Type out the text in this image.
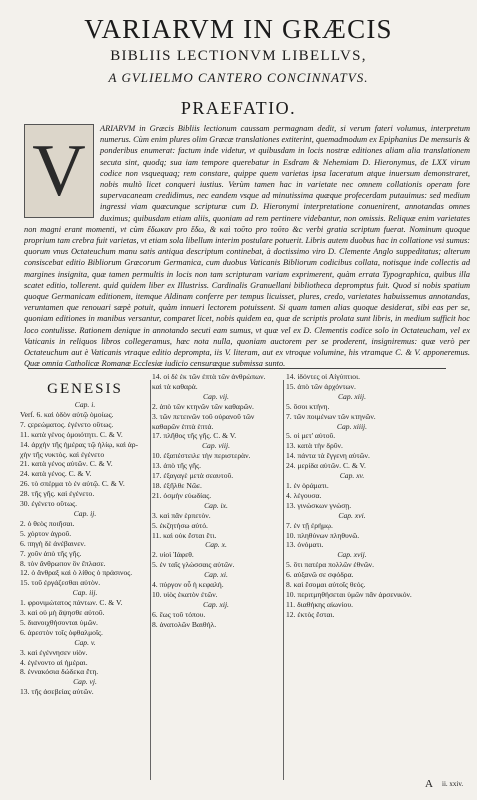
VARIARVM IN GRÆCIS
BIBLIIS LECTIONVM LIBELLVS,
A GVLIELMO CANTERO CONCINNATVS.
PRAEFATIO.
V
ARIARVM in Græcis Bibliis lectionum caussam permagnam dedit, si verum fateri volumus, interpretum numerus. Cùm enim plures olim Græcæ translationes extiterint, quemadmodum ex Epiphanius De mensuris & ponderibus enumerat: factum inde videtur, vt quibusdam in locis nostræ editiones aliam alia translationem secuta sint, quodq; sua iam tempore querebatur in Esdram & Nehemiam D. Hieronymus, de LXX virum codice non vsquequaq; rem constare, quippe quem varietas ipsa laceratum atque inuersum demonstraret, nobis multò licet conqueri iustius. Verùm tamen hac in varietate nec omnem collationis operam fore supervacaneam credidimus, nec eandem vsque ad minutissima quæque profecerdam putauimus: sed medium ingressi viam quæcunque scripturæ cum D. Hieronymi interpretatione conuenirent, annotandas omnes duximus; quibusdam etiam aliis, quoniam ad rem pertinere videbantur, non omissis. Reliquæ enim varietates non magni erant momenti, vt cùm ἔδωκαν pro ἔδω, & καὶ τοῦτο pro τοῦτο &c verbi gratia scriptum fuerat. Nominum quoque proprium tam crebra fuit varietas, vt etiam sola libellum interim postulare potuerit. Libris autem duobus hac in collatione vsi sumus: quorum vnus Octateuchum manu satis antiqua descriptum continebat, à doctissimo viro D. Clemente Anglo suppeditatus; alterum consiscebat editio Bibliorum Græcorum Germanica, cum duobus Vaticanis Bibliorum codicibus collata, notisque inde collectis ad margines insignita, quæ tamen permultis in locis non tam scripturam variam exprimerent, quàm errata Typographica, quibus illa scatet editio, tollerent. quid quidem liber ex Illustriss. Cardinalis Granuellani bibliotheca depromptus fuit. Quod si nobis spatium quoque Germanicam editionem, itemque Aldinam conferre per tempus licuisset, plures, credo, varietates habuissemus annotandas, veruntamen que renouari sæpè potuit, quàm innueri lectorem potuissent. Si quam tamen alias quoque desiderat, sibi eas per se, quoniam editiones in manibus versantur, comparet licet, nobis quidem ea, quæ de scriptis prolata sunt libris, in medium sufficit hoc loco contulisse. Rationem denique in annotando secuti eam sumus, vt quæ vel ex D. Clementis codice solo in Octateucham, vel ex Vaticanis in reliquos libros collegeramus, hæc nota nulla, quoniam auctorem per se proderent, insigniremus: quæ verò per Octateuchum aut è Vaticanis vtraque editio deprompta, iis V. literam, aut ex vtroque volumine, his vtramque C. & V. apponeremus. Quæ omnia Catholicæ Romanæ Ecclesiæ iudicio censuræque submissa sunto.
GENESIS
Cap. i.
Verſ. 6. καὶ ὁδὸν αὐτῷ ὁμοίως.
7. ϛερεώματος. ἐγένετο οὕτως.
11. κατὰ γένος ὁμοιότητι. C. & V.
14. ἀρχὴν τῆς ἡμέρας τῷ ἡλίῳ, καὶ ἀρ-
χὴν τῆς νυκτὸς. καὶ ἐγένετο
21. κατὰ γένος αὐτῶν. C. & V.
24. κατὰ γένος. C. & V.
26. τὸ σπέρμα τὸ ἐν αὐτῷ. C. & V.
28. τῆς γῆς. καὶ ἐγένετο.
30. ἐγένετο οὕτως.
Cap. ij.
2. ὁ θεὸς ποιῆσαι.
5. χόρτον ἀγροῦ.
6. πηγὴ δὲ ἀνέβαινεν.
7. χοῦν ἀπὸ τῆς γῆς.
8. τὸν ἄνθρωπον ὃν ἔπλασε.
12. ὁ ἄνθραξ καὶ ὁ λίθος ὁ πράσινος.
15. τοῦ ἐργάζεσθαι αὐτὸν.
Cap. iij.
1. φρονιμώτατος πάντων. C. & V.
3. καὶ οὐ μὴ ἅψησθε αὐτοῦ.
5. διανοιχθήσονται ὑμῶν.
6. ἀρεστὸν τοῖς ὀφθαλμοῖς.
Cap. v.
3. καὶ ἐγέννησεν υἱὸν.
4. ἐγένοντο αἱ ἡμέραι.
8. ἐννακόσια δώδεκα ἔτη.
Cap. vj.
13. τῆς ἀσεβείας αὐτῶν.
14. οἱ δὲ ἐκ τῶν ἐπτὰ τῶν ἀνθρώπων.
καὶ τὰ καθαρὰ.
Cap. vij.
2. ἀπὸ τῶν κτηνῶν τῶν καθαρῶν.
3. τῶν πετεινῶν τοῦ οὐρανοῦ τῶν
καθαρῶν ἑπτὰ ἑπτά.
17. πλῆθος τῆς γῆς. C. & V.
Cap. viij.
10. ἐξαπέστειλε τὴν περιστερὰν.
13. ἀπὸ τῆς γῆς.
17. ἐξαγαγὲ μετὰ σεαυτοῦ.
18. ἐξῆλθε Νῶε.
21. ὀσμὴν εὐωδίας.
Cap. ix.
3. καὶ πᾶν ἑρπετὸν.
5. ἐκζητήσω αὐτό.
11. καὶ οὐκ ἔσται ἔτι.
Cap. x.
2. υἱοὶ Ἰάφεθ.
5. ἐν ταῖς γλώσσαις αὐτῶν.
Cap. xi.
4. πύργον οὗ ἡ κεφαλή.
10. υἱὸς ἑκατὸν ἐτῶν.
Cap. xij.
6. ἕως τοῦ τόπου.
8. ἀνατολῶν Βαιθήλ.
14. ἰδόντες οἱ Αἰγύπτιοι.
15. ἀπὸ τῶν ἀρχόντων.
Cap. xiij.
5. ὅσοι κτήνη.
7. τῶν ποιμένων τῶν κτηνῶν.
Cap. xiiij.
5. οἱ μετ' αὐτοῦ.
13. κατὰ τὴν δρῦν.
14. πάντα τὰ ἔγγενη αὐτῶν.
24. μερίδα αὐτῶν. C. & V.
Cap. xv.
1. ἐν ὁράματι.
4. λέγουσα.
13. γινώσκων γνώσῃ.
Cap. xvi.
7. ἐν τῇ ἐρήμῳ.
10. πληθύνων πληθυνῶ.
13. ὀνόματι.
Cap. xvij.
5. ὅτι πατέρα πολλῶν ἐθνῶν.
6. αὐξανῶ σε σφόδρα.
8. καὶ ἔσομαι αὐτοῖς θεός.
10. περιτμηθήσεται ὑμῶν πᾶν ἀρσενικόν.
11. διαθήκης αἰωνίου.
12. ἐκτὸς ἔσται.
A ii. xxiv.
